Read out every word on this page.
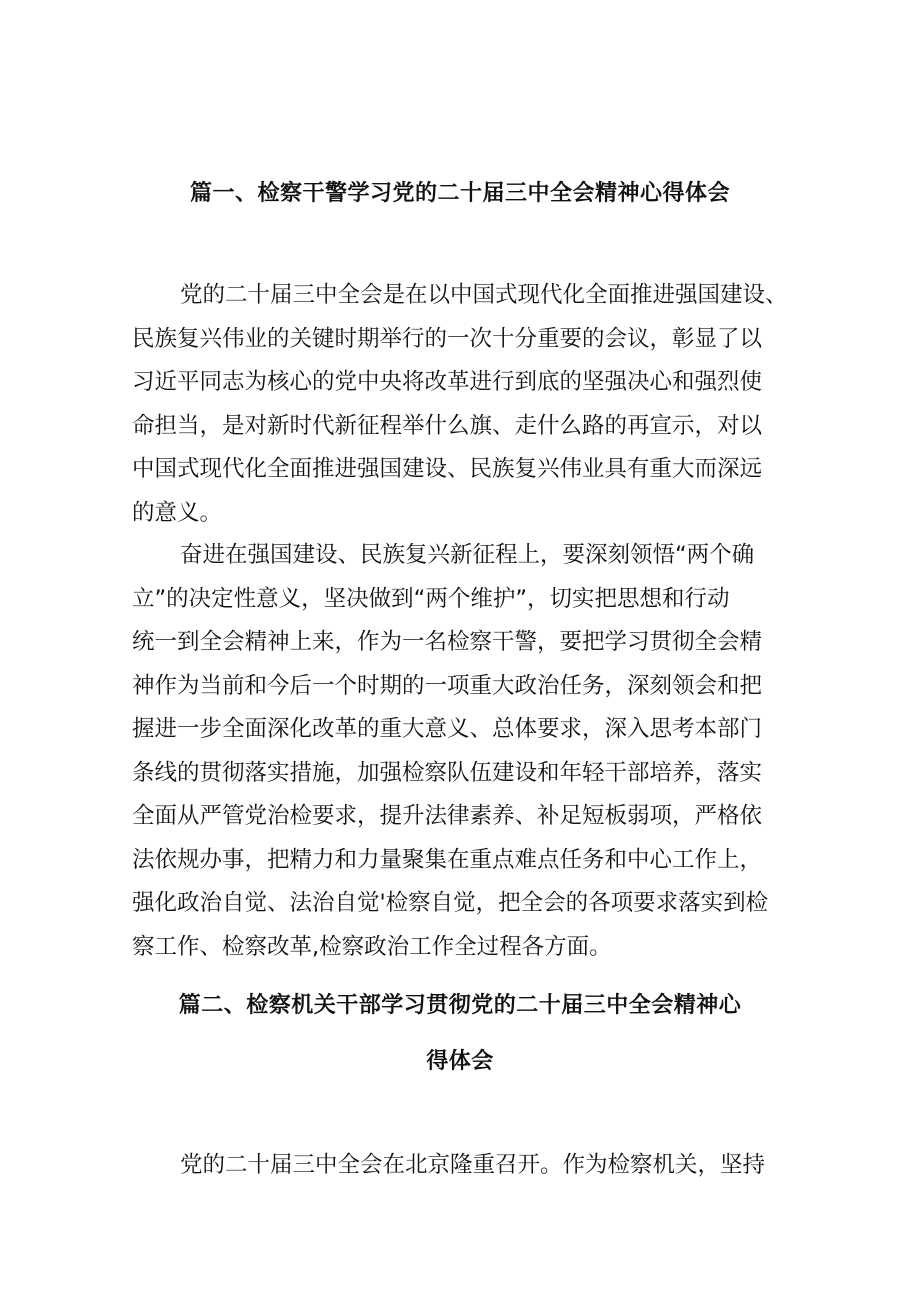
篇一、检察干警学习党的二十届三中全会精神心得体会
党的二十届三中全会是在以中国式现代化全面推进强国建设、
民族复兴伟业的关键时期举行的一次十分重要的会议，彰显了以
习近平同志为核心的党中央将改革进行到底的坚强决心和强烈使
命担当，是对新时代新征程举什么旗、走什么路的再宣示，对以
中国式现代化全面推进强国建设、民族复兴伟业具有重大而深远
的意义。
奋进在强国建设、民族复兴新征程上，要深刻领悟“两个确
立”的决定性意义，坚决做到“两个维护”，切实把思想和行动
统一到全会精神上来，作为一名检察干警，要把学习贯彻全会精
神作为当前和今后一个时期的一项重大政治任务，深刻领会和把
握进一步全面深化改革的重大意义、总体要求，深入思考本部门
条线的贯彻落实措施，加强检察队伍建设和年轻干部培养，落实
全面从严管党治检要求，提升法律素养、补足短板弱项，严格依
法依规办事，把精力和力量聚集在重点难点任务和中心工作上，
强化政治自觉、法治自觉'检察自觉，把全会的各项要求落实到检
察工作、检察改革,检察政治工作全过程各方面。
篇二、检察机关干部学习贯彻党的二十届三中全会精神心
得体会
党的二十届三中全会在北京隆重召开。作为检察机关，坚持
